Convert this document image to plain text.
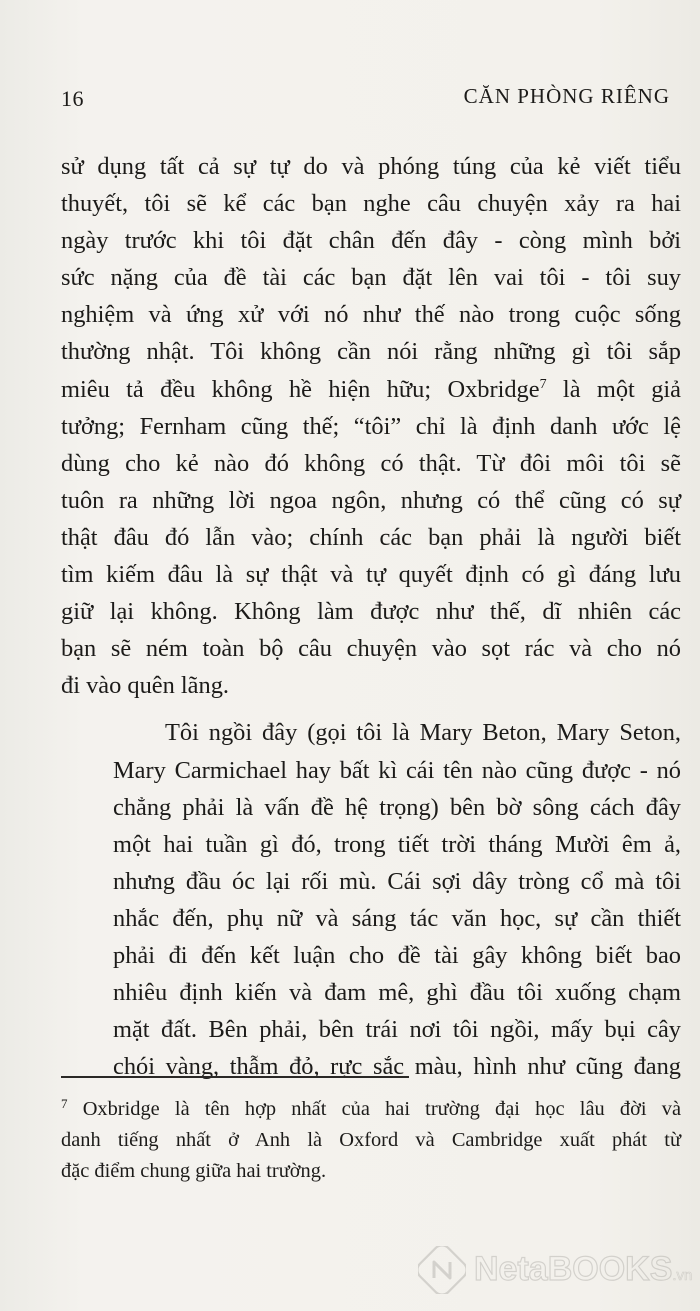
16	CĂN PHÒNG RIÊNG

sử dụng tất cả sự tự do và phóng túng của kẻ viết tiểu
thuyết, tôi sẽ kể các bạn nghe câu chuyện xảy ra hai
ngày trước khi tôi đặt chân đến đây - còng mình bởi
sức nặng của đề tài các bạn đặt lên vai tôi - tôi suy
nghiệm và ứng xử với nó như thế nào trong cuộc sống
thường nhật. Tôi không cần nói rằng những gì tôi sắp
miêu tả đều không hề hiện hữu; Oxbridge$^7$ là một giả
tưởng; Fernham cũng thế; “tôi” chỉ là định danh ước lệ
dùng cho kẻ nào đó không có thật. Từ đôi môi tôi sẽ
tuôn ra những lời ngoa ngôn, nhưng có thể cũng có sự
thật đâu đó lẫn vào; chính các bạn phải là người biết
tìm kiếm đâu là sự thật và tự quyết định có gì đáng lưu
giữ lại không. Không làm được như thế, dĩ nhiên các
bạn sẽ ném toàn bộ câu chuyện vào sọt rác và cho nó
đi vào quên lãng.

Tôi ngồi đây (gọi tôi là Mary Beton, Mary Seton,
Mary Carmichael hay bất kì cái tên nào cũng được - nó
chẳng phải là vấn đề hệ trọng) bên bờ sông cách đây
một hai tuần gì đó, trong tiết trời tháng Mười êm ả,
nhưng đầu óc lại rối mù. Cái sợi dây tròng cổ mà tôi
nhắc đến, phụ nữ và sáng tác văn học, sự cần thiết
phải đi đến kết luận cho đề tài gây không biết bao
nhiêu định kiến và đam mê, ghì đầu tôi xuống chạm
mặt đất. Bên phải, bên trái nơi tôi ngồi, mấy bụi cây
chói vàng, thẫm đỏ, rực sắc màu, hình như cũng đang

$^7$ Oxbridge là tên hợp nhất của hai trường đại học lâu đời và
danh tiếng nhất ở Anh là Oxford và Cambridge xuất phát từ
đặc điểm chung giữa hai trường.
NetaBOOKS.vn
